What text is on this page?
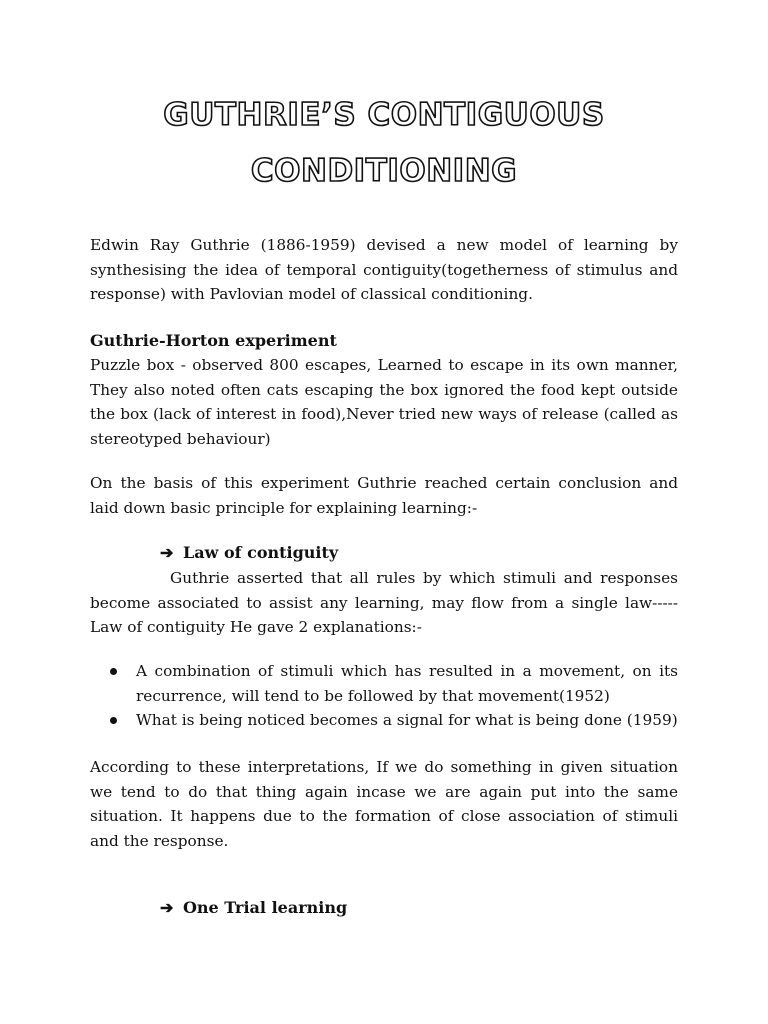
GUTHRIE’S CONTIGUOUS
CONDITIONING

Edwin Ray Guthrie (1886-1959) devised a new model of learning by synthesising the idea of temporal contiguity(togetherness of stimulus and response) with Pavlovian model of classical conditioning.

Guthrie-Horton experiment

Puzzle box - observed 800 escapes, Learned to escape in its own manner, They also noted often cats escaping the box ignored the food kept outside the box (lack of interest in food),Never tried new ways of release (called as stereotyped behaviour)

On the basis of this experiment Guthrie reached certain conclusion and laid down basic principle for explaining learning:-

➔ Law of contiguity

Guthrie asserted that all rules by which stimuli and responses become associated to assist any learning, may flow from a single law-----Law of contiguity He gave 2 explanations:-

A combination of stimuli which has resulted in a movement, on its recurrence, will tend to be followed by that movement(1952)
What is being noticed becomes a signal for what is being done (1959)

According to these interpretations, If we do something in given situation we tend to do that thing again incase we are again put into the same situation. It happens due to the formation of close association of stimuli and the response.

➔ One Trial learning
